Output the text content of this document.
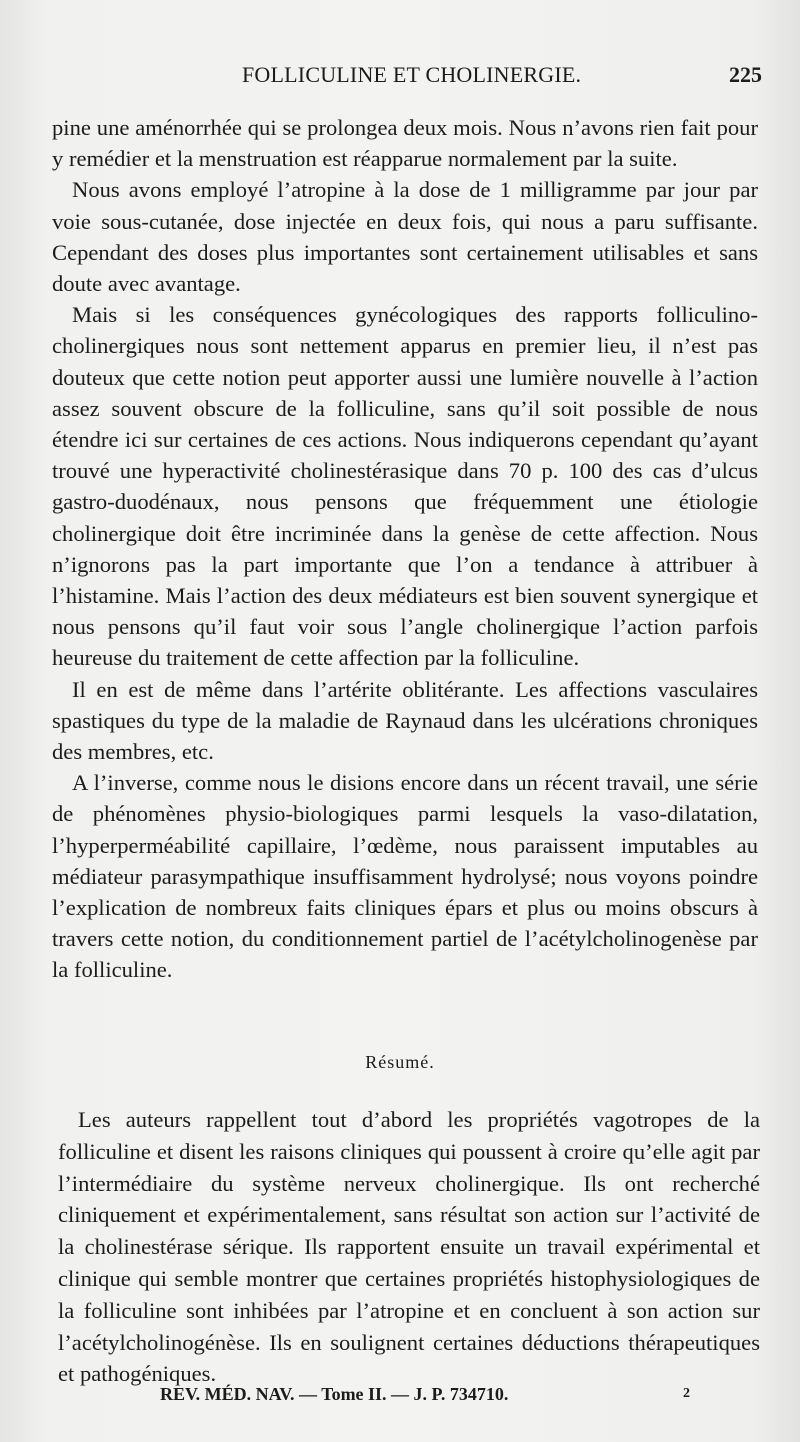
FOLLICULINE ET CHOLINERGIE.	225

pine une aménorrhée qui se prolongea deux mois. Nous n’avons rien fait pour y remédier et la menstruation est réapparue normalement par la suite.

Nous avons employé l’atropine à la dose de 1 milligramme par jour par voie sous-cutanée, dose injectée en deux fois, qui nous a paru suffisante. Cependant des doses plus importantes sont certainement utilisables et sans doute avec avantage.

Mais si les conséquences gynécologiques des rapports folliculino-cholinergiques nous sont nettement apparus en premier lieu, il n’est pas douteux que cette notion peut apporter aussi une lumière nouvelle à l’action assez souvent obscure de la folliculine, sans qu’il soit possible de nous étendre ici sur certaines de ces actions. Nous indiquerons cependant qu’ayant trouvé une hyperactivité cholinestérasique dans 70 p. 100 des cas d’ulcus gastro-duodénaux, nous pensons que fréquemment une étiologie cholinergique doit être incriminée dans la genèse de cette affection. Nous n’ignorons pas la part importante que l’on a tendance à attribuer à l’histamine. Mais l’action des deux médiateurs est bien souvent synergique et nous pensons qu’il faut voir sous l’angle cholinergique l’action parfois heureuse du traitement de cette affection par la folliculine.

Il en est de même dans l’artérite oblitérante. Les affections vasculaires spastiques du type de la maladie de Raynaud dans les ulcérations chroniques des membres, etc.

A l’inverse, comme nous le disions encore dans un récent travail, une série de phénomènes physio-biologiques parmi lesquels la vaso-dilatation, l’hyperperméabilité capillaire, l’œdème, nous paraissent imputables au médiateur parasympathique insuffisamment hydrolysé; nous voyons poindre l’explication de nombreux faits cliniques épars et plus ou moins obscurs à travers cette notion, du conditionnement partiel de l’acétylcholinogenèse par la folliculine.

Résumé.

Les auteurs rappellent tout d’abord les propriétés vagotropes de la folliculine et disent les raisons cliniques qui poussent à croire qu’elle agit par l’intermédiaire du système nerveux cholinergique. Ils ont recherché cliniquement et expérimentalement, sans résultat son action sur l’activité de la cholinestérase sérique. Ils rapportent ensuite un travail expérimental et clinique qui semble montrer que certaines propriétés histophysiologiques de la folliculine sont inhibées par l’atropine et en concluent à son action sur l’acétylcholinogénèse. Ils en soulignent certaines déductions thérapeutiques et pathogéniques.

REV. MÉD. NAV. — Tome II. — J. P. 734710.	2
